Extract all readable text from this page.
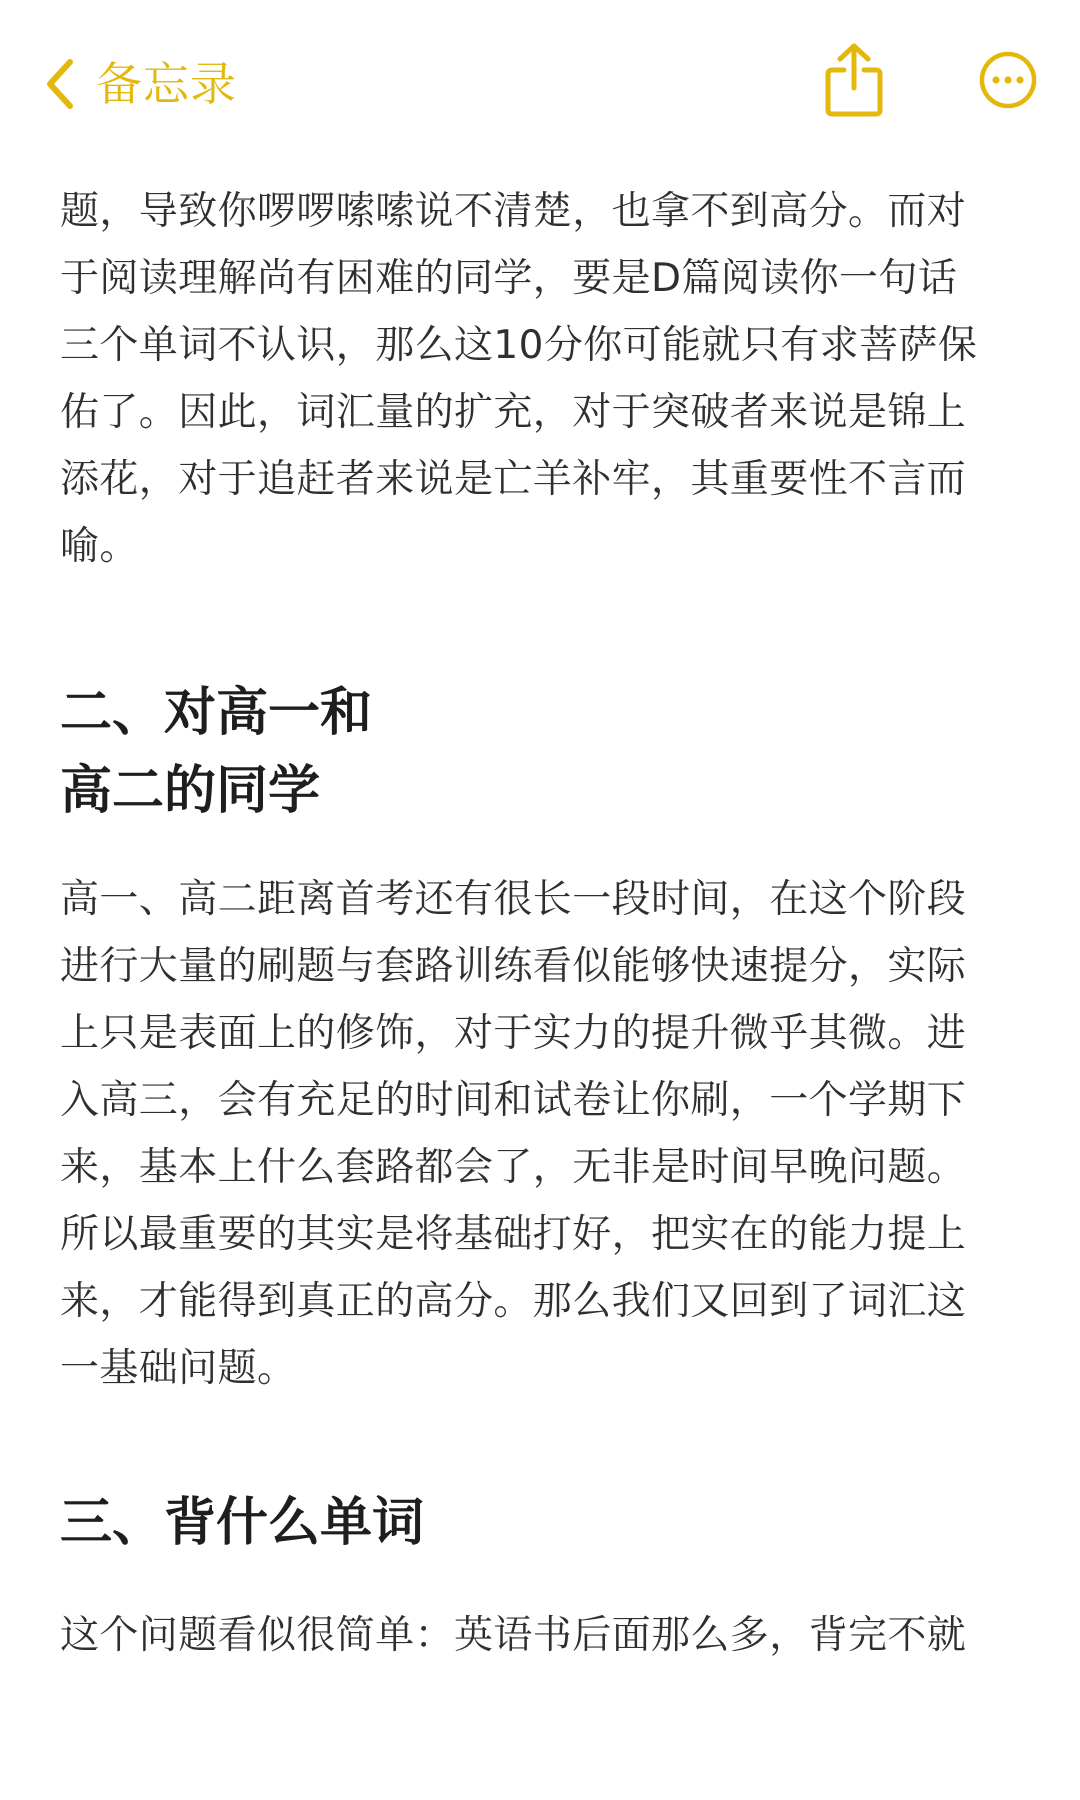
备忘录

题，导致你啰啰嗦嗦说不清楚，也拿不到高分。而对
于阅读理解尚有困难的同学，要是D篇阅读你一句话
三个单词不认识，那么这10分你可能就只有求菩萨保
佑了。因此，词汇量的扩充，对于突破者来说是锦上
添花，对于追赶者来说是亡羊补牢，其重要性不言而
喻。

二、对高一和
高二的同学

高一、高二距离首考还有很长一段时间，在这个阶段
进行大量的刷题与套路训练看似能够快速提分，实际
上只是表面上的修饰，对于实力的提升微乎其微。进
入高三，会有充足的时间和试卷让你刷，一个学期下
来，基本上什么套路都会了，无非是时间早晚问题。
所以最重要的其实是将基础打好，把实在的能力提上
来，才能得到真正的高分。那么我们又回到了词汇这
一基础问题。

三、背什么单词

这个问题看似很简单：英语书后面那么多，背完不就
